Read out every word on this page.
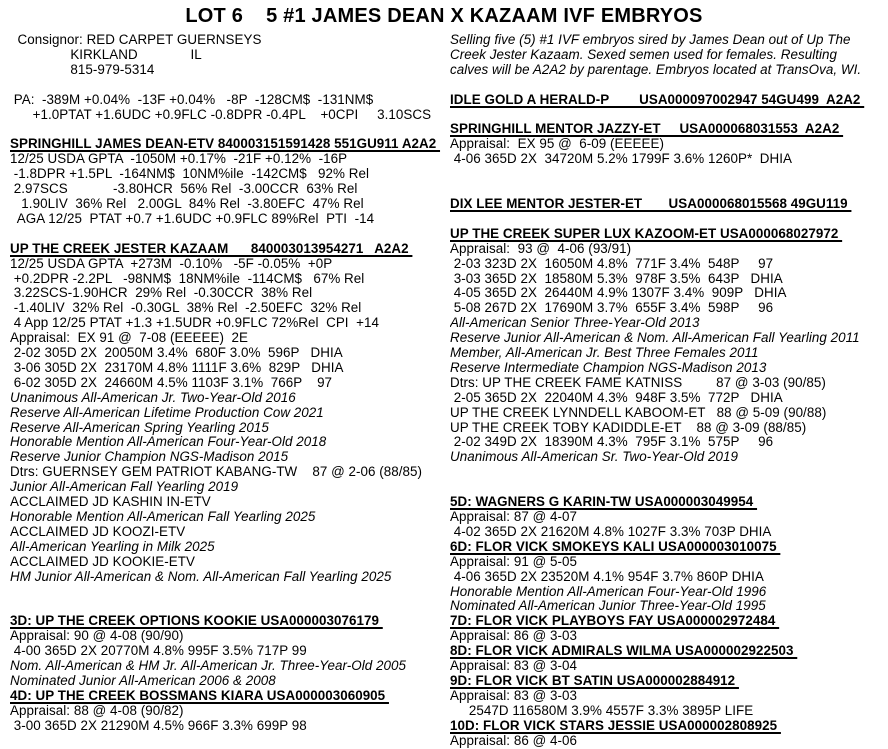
LOT 6    5 #1 JAMES DEAN X KAZAAM IVF EMBRYOS
Consignor: RED CARPET GUERNSEYS
KIRKLAND              IL
815-979-5314

PA:  -389M +0.04%  -13F +0.04%   -8P  -128CM$  -131NM$
+1.0PTAT +1.6UDC +0.9FLC -0.8DPR -0.4PL    +0CPI     3.10SCS

SPRINGHILL JAMES DEAN-ETV 840003151591428 551GU911 A2A2
12/25 USDA GPTA  -1050M +0.17%  -21F +0.12%  -16P
-1.8DPR +1.5PL  -164NM$  10NM%ile  -142CM$   92% Rel
2.97SCS            -3.80HCR  56% Rel  -3.00CCR  63% Rel
1.90LIV  36% Rel   2.00GL  84% Rel  -3.80EFC  47% Rel
AGA 12/25  PTAT +0.7 +1.6UDC +0.9FLC 89%Rel  PTI  -14

UP THE CREEK JESTER KAZAAM      840003013954271   A2A2
12/25 USDA GPTA  +273M  -0.10%   -5F -0.05%  +0P
+0.2DPR -2.2PL   -98NM$  18NM%ile  -114CM$   67% Rel
3.22SCS-1.90HCR  29% Rel  -0.30CCR  38% Rel
-1.40LIV  32% Rel  -0.30GL  38% Rel  -2.50EFC  32% Rel
4 App 12/25 PTAT +1.3 +1.5UDR +0.9FLC 72%Rel  CPI  +14
Appraisal:  EX 91 @  7-08 (EEEEE)  2E
2-02 305D 2X  20050M 3.4%  680F 3.0%  596P   DHIA
3-06 305D 2X  23170M 4.8% 1111F 3.6%  829P   DHIA
6-02 305D 2X  24660M 4.5% 1103F 3.1%  766P    97
Unanimous All-American Jr. Two-Year-Old 2016
Reserve All-American Lifetime Production Cow 2021
Reserve All-American Spring Yearling 2015
Honorable Mention All-American Four-Year-Old 2018
Reserve Junior Champion NGS-Madison 2015
Dtrs: GUERNSEY GEM PATRIOT KABANG-TW    87 @ 2-06 (88/85)
Junior All-American Fall Yearling 2019
ACCLAIMED JD KASHIN IN-ETV
Honorable Mention All-American Fall Yearling 2025
ACCLAIMED JD KOOZI-ETV
All-American Yearling in Milk 2025
ACCLAIMED JD KOOKIE-ETV
HM Junior All-American & Nom. All-American Fall Yearling 2025

3D: UP THE CREEK OPTIONS KOOKIE USA000003076179
Appraisal: 90 @ 4-08 (90/90)
4-00 365D 2X 20770M 4.8% 995F 3.5% 717P 99
Nom. All-American & HM Jr. All-American Jr. Three-Year-Old 2005
Nominated Junior All-American 2006 & 2008
4D: UP THE CREEK BOSSMANS KIARA USA000003060905
Appraisal: 88 @ 4-08 (90/82)
3-00 365D 2X 21290M 4.5% 966F 3.3% 699P 98
Selling five (5) #1 IVF embryos sired by James Dean out of Up The
Creek Jester Kazaam. Sexed semen used for females. Resulting
calves will be A2A2 by parentage. Embryos located at TransOva, WI.

IDLE GOLD A HERALD-P        USA000097002947 54GU499  A2A2

SPRINGHILL MENTOR JAZZY-ET     USA000068031553  A2A2
Appraisal:  EX 95 @  6-09 (EEEEE)
4-06 365D 2X  34720M 5.2% 1799F 3.6% 1260P*  DHIA

DIX LEE MENTOR JESTER-ET       USA000068015568 49GU119

UP THE CREEK SUPER LUX KAZOOM-ET USA000068027972
Appraisal:  93 @  4-06 (93/91)
2-03 323D 2X  16050M 4.8%  771F 3.4%  548P     97
3-03 365D 2X  18580M 5.3%  978F 3.5%  643P   DHIA
4-05 365D 2X  26440M 4.9% 1307F 3.4%  909P   DHIA
5-08 267D 2X  17690M 3.7%  655F 3.4%  598P     96
All-American Senior Three-Year-Old 2013
Reserve Junior All-American & Nom. All-American Fall Yearling 2011
Member, All-American Jr. Best Three Females 2011
Reserve Intermediate Champion NGS-Madison 2013
Dtrs: UP THE CREEK FAME KATNISS         87 @ 3-03 (90/85)
2-05 365D 2X  22040M 4.3%  948F 3.5%  772P   DHIA
UP THE CREEK LYNNDELL KABOOM-ET   88 @ 5-09 (90/88)
UP THE CREEK TOBY KADIDDLE-ET    88 @ 3-09 (88/85)
2-02 349D 2X  18390M 4.3%  795F 3.1%  575P     96
Unanimous All-American Sr. Two-Year-Old 2019

5D: WAGNERS G KARIN-TW USA000003049954
Appraisal: 87 @ 4-07
4-02 365D 2X 21620M 4.8% 1027F 3.3% 703P DHIA
6D: FLOR VICK SMOKEYS KALI USA000003010075
Appraisal: 91 @ 5-05
4-06 365D 2X 23520M 4.1% 954F 3.7% 860P DHIA
Honorable Mention All-American Four-Year-Old 1996
Nominated All-American Junior Three-Year-Old 1995
7D: FLOR VICK PLAYBOYS FAY USA000002972484
Appraisal: 86 @ 3-03
8D: FLOR VICK ADMIRALS WILMA USA000002922503
Appraisal: 83 @ 3-04
9D: FLOR VICK BT SATIN USA000002884912
Appraisal: 83 @ 3-03
2547D 116580M 3.9% 4557F 3.3% 3895P LIFE
10D: FLOR VICK STARS JESSIE USA000002808925
Appraisal: 86 @ 4-06
